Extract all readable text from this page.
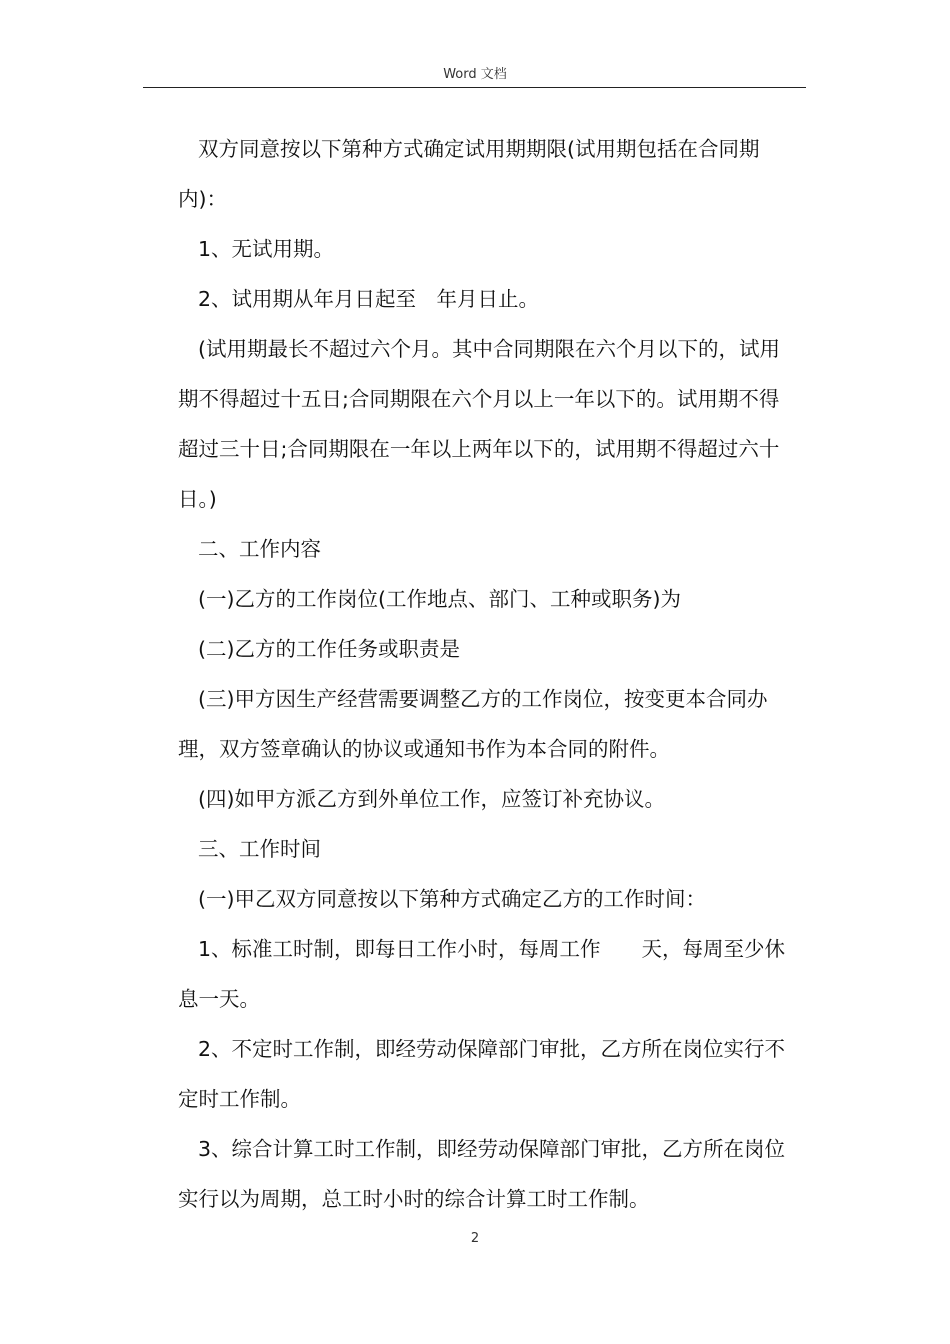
Word 文档

双方同意按以下第种方式确定试用期期限(试用期包括在合同期内)：

1、无试用期。

2、试用期从年月日起至　年月日止。

(试用期最长不超过六个月。其中合同期限在六个月以下的，试用期不得超过十五日;合同期限在六个月以上一年以下的。试用期不得超过三十日;合同期限在一年以上两年以下的，试用期不得超过六十日。)

二、工作内容

(一)乙方的工作岗位(工作地点、部门、工种或职务)为

(二)乙方的工作任务或职责是

(三)甲方因生产经营需要调整乙方的工作岗位，按变更本合同办理，双方签章确认的协议或通知书作为本合同的附件。

(四)如甲方派乙方到外单位工作，应签订补充协议。

三、工作时间

(一)甲乙双方同意按以下第种方式确定乙方的工作时间：

1、标准工时制，即每日工作小时，每周工作　　天，每周至少休息一天。

2、不定时工作制，即经劳动保障部门审批，乙方所在岗位实行不定时工作制。

3、综合计算工时工作制，即经劳动保障部门审批，乙方所在岗位实行以为周期，总工时小时的综合计算工时工作制。

2
